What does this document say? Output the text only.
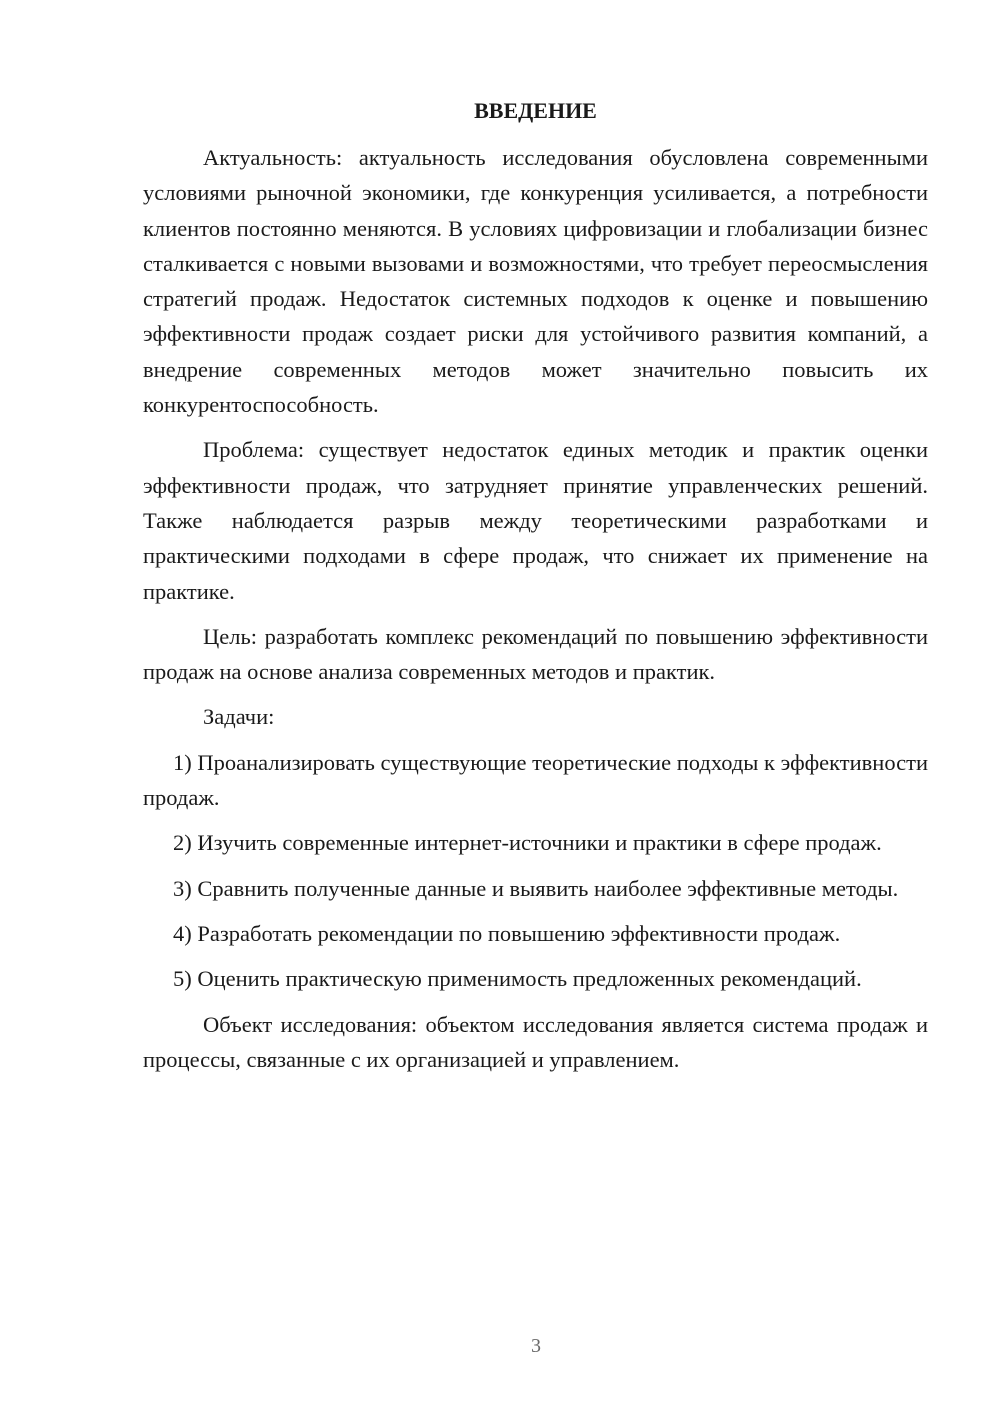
ВВЕДЕНИЕ

Актуальность: актуальность исследования обусловлена современными условиями рыночной экономики, где конкуренция усиливается, а потребности клиентов постоянно меняются. В условиях цифровизации и глобализации бизнес сталкивается с новыми вызовами и возможностями, что требует переосмысления стратегий продаж. Недостаток системных подходов к оценке и повышению эффективности продаж создает риски для устойчивого развития компаний, а внедрение современных методов может значительно повысить их конкурентоспособность.

Проблема: существует недостаток единых методик и практик оценки эффективности продаж, что затрудняет принятие управленческих решений. Также наблюдается разрыв между теоретическими разработками и практическими подходами в сфере продаж, что снижает их применение на практике.

Цель: разработать комплекс рекомендаций по повышению эффективности продаж на основе анализа современных методов и практик.

Задачи:

1) Проанализировать существующие теоретические подходы к эффективности продаж.

2) Изучить современные интернет-источники и практики в сфере продаж.

3) Сравнить полученные данные и выявить наиболее эффективные методы.

4) Разработать рекомендации по повышению эффективности продаж.

5) Оценить практическую применимость предложенных рекомендаций.

Объект исследования: объектом исследования является система продаж и процессы, связанные с их организацией и управлением.

3
